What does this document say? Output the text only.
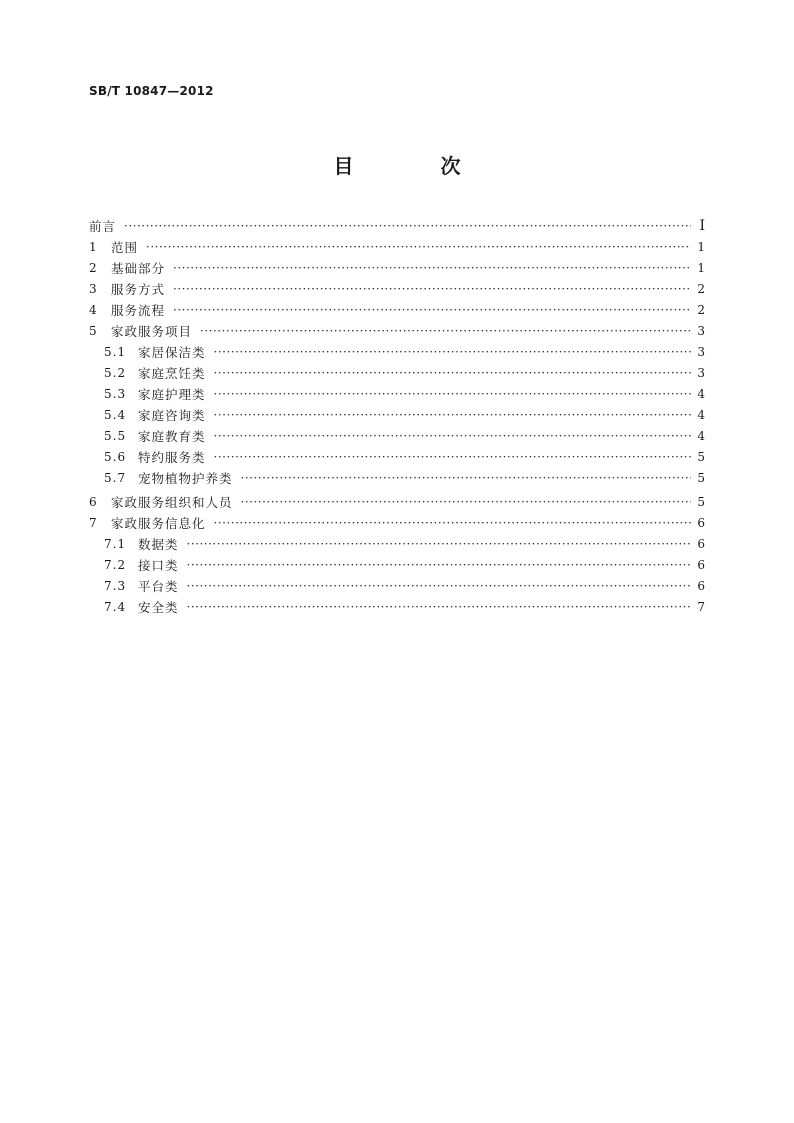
SB/T 10847—2012
目 次
前言 ·····	Ⅰ
1	范围 ·····	1
2	基础部分 ·····	1
3	服务方式 ·····	2
4	服务流程 ·····	2
5	家政服务项目 ·····	3
5.1 家居保洁类 ·····	3
5.2 家庭烹饪类 ·····	3
5.3 家庭护理类 ·····	4
5.4 家庭咨询类 ·····	4
5.5 家庭教育类 ·····	4
5.6 特约服务类 ·····	5
5.7 宠物植物护养类 ·····	5
6	家政服务组织和人员 ·····	5
7	家政服务信息化 ·····	6
7.1 数据类 ·····	6
7.2 接口类 ·····	6
7.3 平台类 ·····	6
7.4 安全类 ·····	7
